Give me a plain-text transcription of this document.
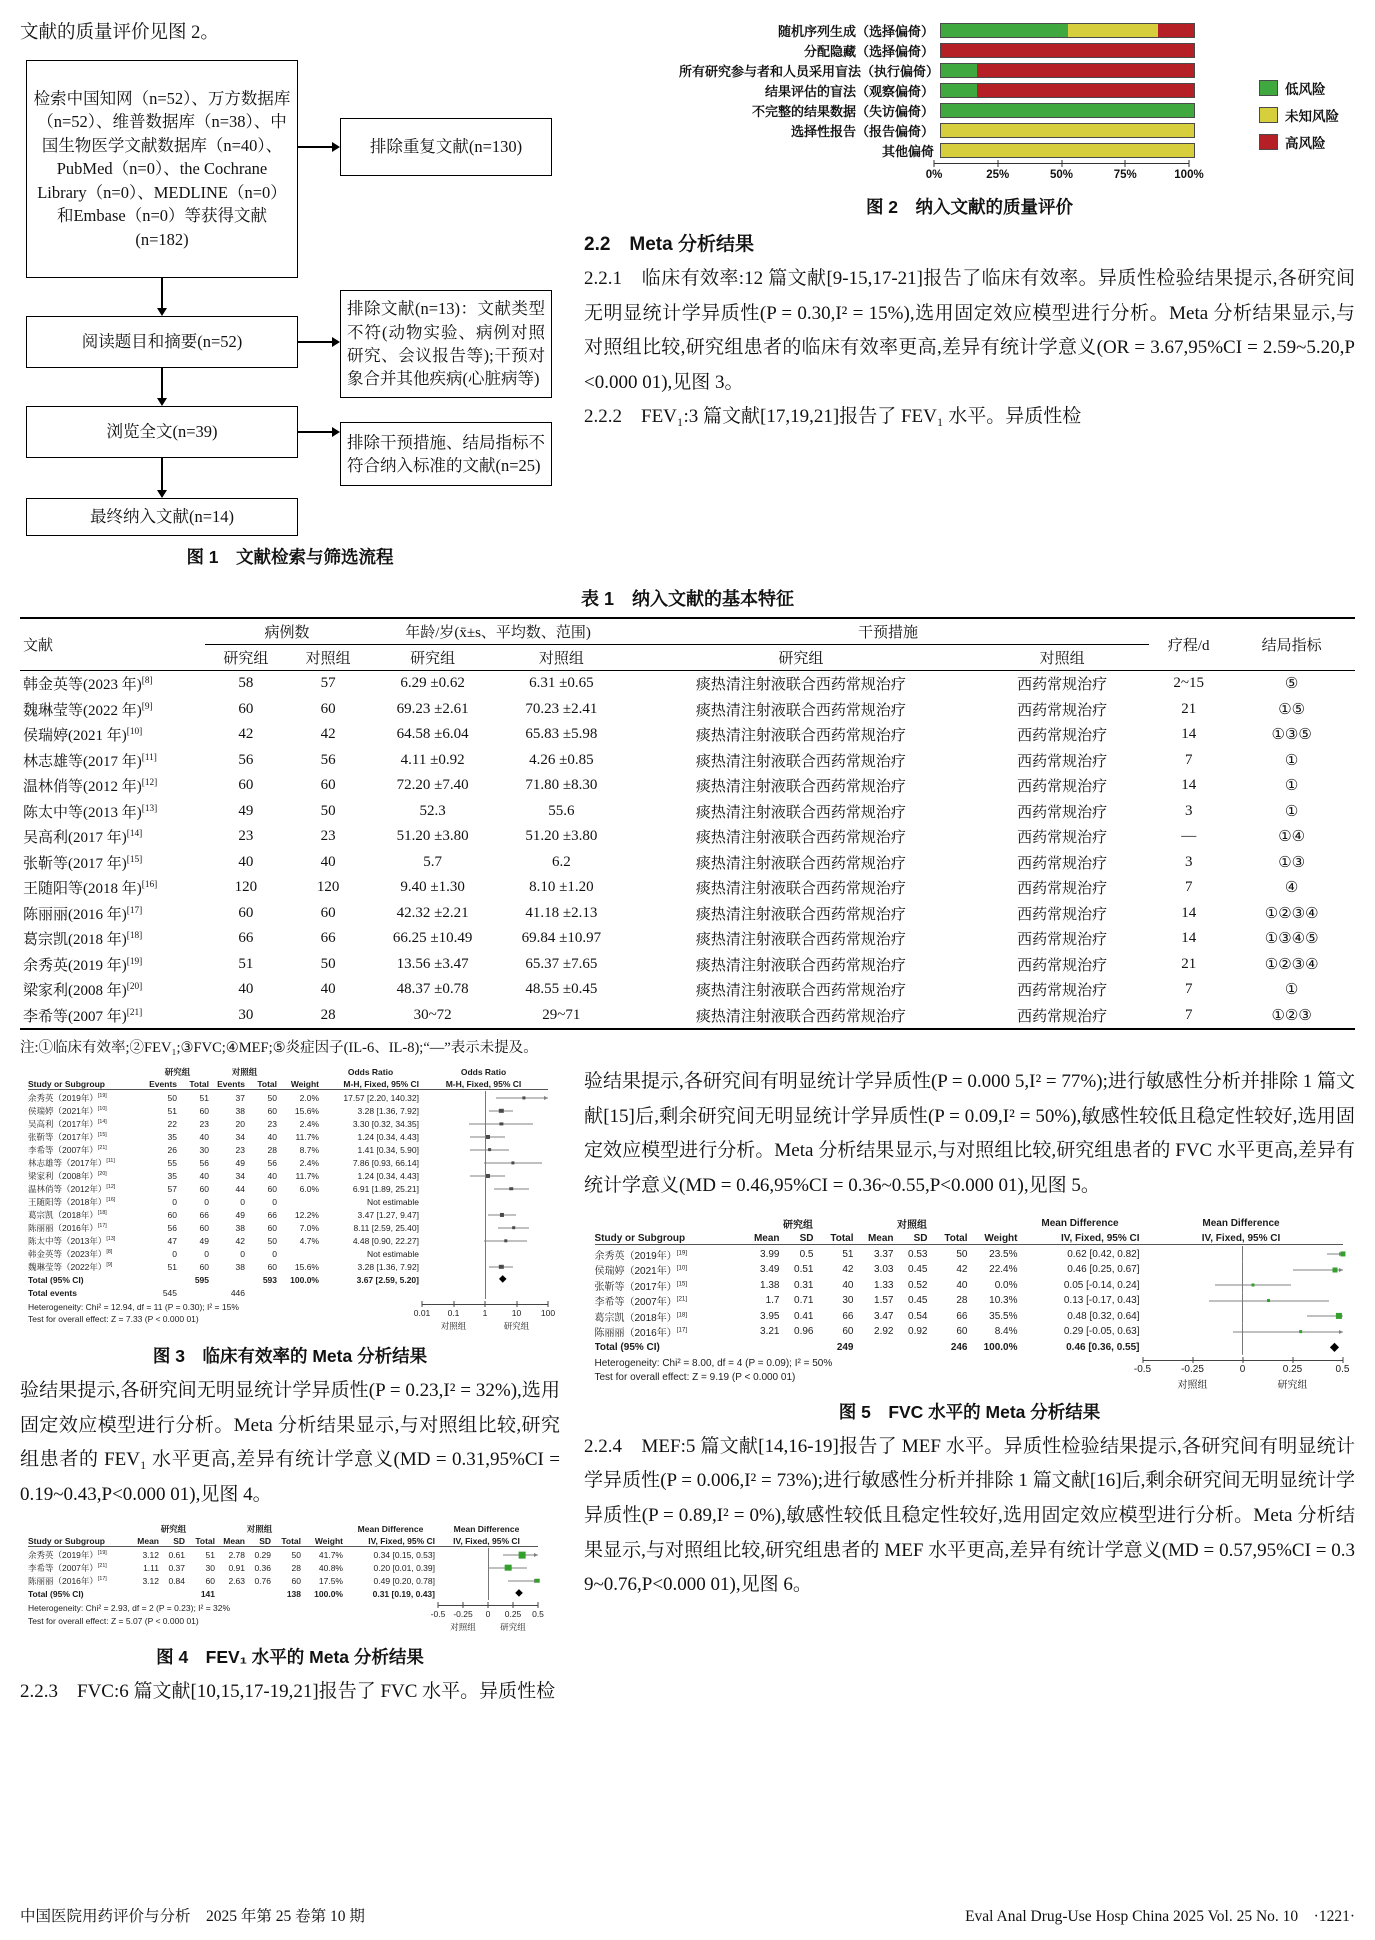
文献的质量评价见图 2。
检索中国知网（n=52）、万方数据库（n=52）、维普数据库（n=38）、中国生物医学文献数据库（n=40）、PubMed（n=0）、the Cochrane Library（n=0）、MEDLINE（n=0）和Embase（n=0）等获得文献(n=182)
排除重复文献(n=130)
阅读题目和摘要(n=52)
排除文献(n=13)：文献类型不符(动物实验、病例对照研究、会议报告等);干预对象合并其他疾病(心脏病等)
浏览全文(n=39)
排除干预措施、结局指标不符合纳入标准的文献(n=25)
最终纳入文献(n=14)
图 1　文献检索与筛选流程
随机序列生成（选择偏倚）
分配隐藏（选择偏倚）
所有研究参与者和人员采用盲法（执行偏倚）
结果评估的盲法（观察偏倚）
不完整的结果数据（失访偏倚）
选择性报告（报告偏倚）
其他偏倚
0%	25%	50%	75%	100%
低风险
未知风险
高风险
图 2　纳入文献的质量评价
2.2　Meta 分析结果
2.2.1　临床有效率:12 篇文献[9-15,17-21]报告了临床有效率。异质性检验结果提示,各研究间无明显统计学异质性(P = 0.30,I² = 15%),选用固定效应模型进行分析。Meta 分析结果显示,与对照组比较,研究组患者的临床有效率更高,差异有统计学意义(OR = 3.67,95%CI = 2.59~5.20,P<0.000 01),见图 3。
2.2.2　FEV₁:3 篇文献[17,19,21]报告了 FEV₁ 水平。异质性检
表 1　纳入文献的基本特征
文献	病例数		年龄/岁(x̄±s、平均数、范围)		干预措施		疗程/d	结局指标
	研究组	对照组	研究组	对照组	研究组	对照组		
韩金英等(2023 年)[8]	58	57	6.29 ±0.62	6.31 ±0.65	痰热清注射液联合西药常规治疗	西药常规治疗	2~15	⑤
魏琳莹等(2022 年)[9]	60	60	69.23 ±2.61	70.23 ±2.41	痰热清注射液联合西药常规治疗	西药常规治疗	21	①⑤
侯瑞婷(2021 年)[10]	42	42	64.58 ±6.04	65.83 ±5.98	痰热清注射液联合西药常规治疗	西药常规治疗	14	①③⑤
林志雄等(2017 年)[11]	56	56	4.11 ±0.92	4.26 ±0.85	痰热清注射液联合西药常规治疗	西药常规治疗	7	①
温林俏等(2012 年)[12]	60	60	72.20 ±7.40	71.80 ±8.30	痰热清注射液联合西药常规治疗	西药常规治疗	14	①
陈太中等(2013 年)[13]	49	50	52.3	55.6	痰热清注射液联合西药常规治疗	西药常规治疗	3	①
吴高利(2017 年)[14]	23	23	51.20 ±3.80	51.20 ±3.80	痰热清注射液联合西药常规治疗	西药常规治疗	—	①④
张靳等(2017 年)[15]	40	40	5.7	6.2	痰热清注射液联合西药常规治疗	西药常规治疗	3	①③
王随阳等(2018 年)[16]	120	120	9.40 ±1.30	8.10 ±1.20	痰热清注射液联合西药常规治疗	西药常规治疗	7	④
陈丽丽(2016 年)[17]	60	60	42.32 ±2.21	41.18 ±2.13	痰热清注射液联合西药常规治疗	西药常规治疗	14	①②③④
葛宗凯(2018 年)[18]	66	66	66.25 ±10.49	69.84 ±10.97	痰热清注射液联合西药常规治疗	西药常规治疗	14	①③④⑤
余秀英(2019 年)[19]	51	50	13.56 ±3.47	65.37 ±7.65	痰热清注射液联合西药常规治疗	西药常规治疗	21	①②③④
梁家利(2008 年)[20]	40	40	48.37 ±0.78	48.55 ±0.45	痰热清注射液联合西药常规治疗	西药常规治疗	7	①
李希等(2007 年)[21]	30	28	30~72	29~71	痰热清注射液联合西药常规治疗	西药常规治疗	7	①②③
注:①临床有效率;②FEV₁;③FVC;④MEF;⑤炎症因子(IL-6、IL-8);“—”表示未提及。
研究组	对照组	Odds Ratio	Odds Ratio
Study or Subgroup	Events	Total Events	Total	Weight	M-H, Fixed, 95% CI	M-H, Fixed, 95% CI
余秀英（2019年）[19]	50	51	37	50	2.0%	17.57 [2.20, 140.32]
侯瑞婷（2021年）[10]	51	60	38	60	15.6%	3.28 [1.36, 7.92]
吴高利（2017年）[14]	22	23	20	23	2.4%	3.30 [0.32, 34.35]
张靳等（2017年）[15]	35	40	34	40	11.7%	1.24 [0.34, 4.43]
李希等（2007年）[21]	26	30	23	28	8.7%	1.41 [0.34, 5.90]
林志雄等（2017年）[11]	55	56	49	56	2.4%	7.86 [0.93, 66.14]
梁家利（2008年）[20]	35	40	34	40	11.7%	1.24 [0.34, 4.43]
温林俏等（2012年）[12]	57	60	44	60	6.0%	6.91 [1.89, 25.21]
王随阳等（2018年）[16]	0	0	0	0	Not estimable
葛宗凯（2018年）[18]	60	66	49	66	12.2%	3.47 [1.27, 9.47]
陈丽丽（2016年）[17]	56	60	38	60	7.0%	8.11 [2.59, 25.40]
陈太中等（2013年）[13]	47	49	42	50	4.7%	4.48 [0.90, 22.27]
韩金英等（2023年）[8]	0	0	0	0	Not estimable
魏琳莹等（2022年）[9]	51	60	38	60	15.6%	3.28 [1.36, 7.92]
Total (95% CI)	595	593	100.0%	3.67 [2.59, 5.20]	◆
Total events	545	446
Heterogeneity: Chi² = 12.94, df = 11 (P = 0.30); I² = 15%
Test for overall effect: Z = 7.33 (P < 0.000 01)
0.01 0.1	1	10 100
对照组	研究组
图 3　临床有效率的 Meta 分析结果
验结果提示,各研究间无明显统计学异质性(P = 0.23,I² = 32%),选用固定效应模型进行分析。Meta 分析结果显示,与对照组比较,研究组患者的 FEV₁ 水平更高,差异有统计学意义(MD = 0.31,95%CI = 0.19~0.43,P<0.000 01),见图 4。
研究组	对照组	Mean Difference	Mean Difference
Study or Subgroup	Mean	SD	Total Mean	SD	Total	Weight	IV, Fixed, 95% CI	IV, Fixed, 95% CI
余秀英（2019年）[19]	3.12	0.61	51	2.78	0.29	50	41.7%	0.34 [0.15, 0.53]
李希等（2007年）[21]	1.11	0.37	30	0.91	0.36	28	40.8%	0.20 [0.01, 0.39]
陈丽丽（2016年）[17]	3.12	0.84	60	2.63	0.76	60	17.5%	0.49 [0.20, 0.78]
Total (95% CI)	141	138	100.0%	0.31 [0.19, 0.43]	◆
Heterogeneity: Chi² = 2.93, df = 2 (P = 0.23); I² = 32%
Test for overall effect: Z = 5.07 (P < 0.000 01)
-0.5 -0.25 0 0.25 0.5
对照组	研究组
图 4　FEV₁ 水平的 Meta 分析结果
2.2.3　FVC:6 篇文献[10,15,17-19,21]报告了 FVC 水平。异质性检
验结果提示,各研究间有明显统计学异质性(P = 0.000 5,I² = 77%);进行敏感性分析并排除 1 篇文献[15]后,剩余研究间无明显统计学异质性(P = 0.09,I² = 50%),敏感性较低且稳定性较好,选用固定效应模型进行分析。Meta 分析结果显示,与对照组比较,研究组患者的 FVC 水平更高,差异有统计学意义(MD = 0.46,95%CI = 0.36~0.55,P<0.000 01),见图 5。
研究组	对照组	Mean Difference	Mean Difference
Study or Subgroup	Mean	SD	Total	Mean	SD	Total	Weight	IV, Fixed, 95% CI	IV, Fixed, 95% CI
余秀英（2019年）[19]	3.99	0.5	51	3.37	0.53	50	23.5%	0.62 [0.42, 0.82]
侯瑞婷（2021年）[10]	3.49	0.51	42	3.03	0.45	42	22.4%	0.46 [0.25, 0.67]
张靳等（2017年）[15]	1.38	0.31	40	1.33	0.52	40	0.0%	0.05 [-0.14, 0.24]
李希等（2007年）[21]	1.7	0.71	30	1.57	0.45	28	10.3%	0.13 [-0.17, 0.43]
葛宗凯（2018年）[18]	3.95	0.41	66	3.47	0.54	66	35.5%	0.48 [0.32, 0.64]
陈丽丽（2016年）[17]	3.21	0.96	60	2.92	0.92	60	8.4%	0.29 [-0.05, 0.63]
Total (95% CI)	249	246	100.0%	0.46 [0.36, 0.55]	◆
Heterogeneity: Chi² = 8.00, df = 4 (P = 0.09); I² = 50%
Test for overall effect: Z = 9.19 (P < 0.000 01)
-0.5	-0.25	0	0.25	0.5
对照组	研究组
图 5　FVC 水平的 Meta 分析结果
2.2.4　MEF:5 篇文献[14,16-19]报告了 MEF 水平。异质性检验结果提示,各研究间有明显统计学异质性(P = 0.006,I² = 73%);进行敏感性分析并排除 1 篇文献[16]后,剩余研究间无明显统计学异质性(P = 0.89,I² = 0%),敏感性较低且稳定性较好,选用固定效应模型进行分析。Meta 分析结果显示,与对照组比较,研究组患者的 MEF 水平更高,差异有统计学意义(MD = 0.57,95%CI = 0.39~0.76,P<0.000 01),见图 6。
中国医院用药评价与分析　2025 年第 25 卷第 10 期	Eval Anal Drug-Use Hosp China 2025 Vol. 25 No. 10　·1221·
